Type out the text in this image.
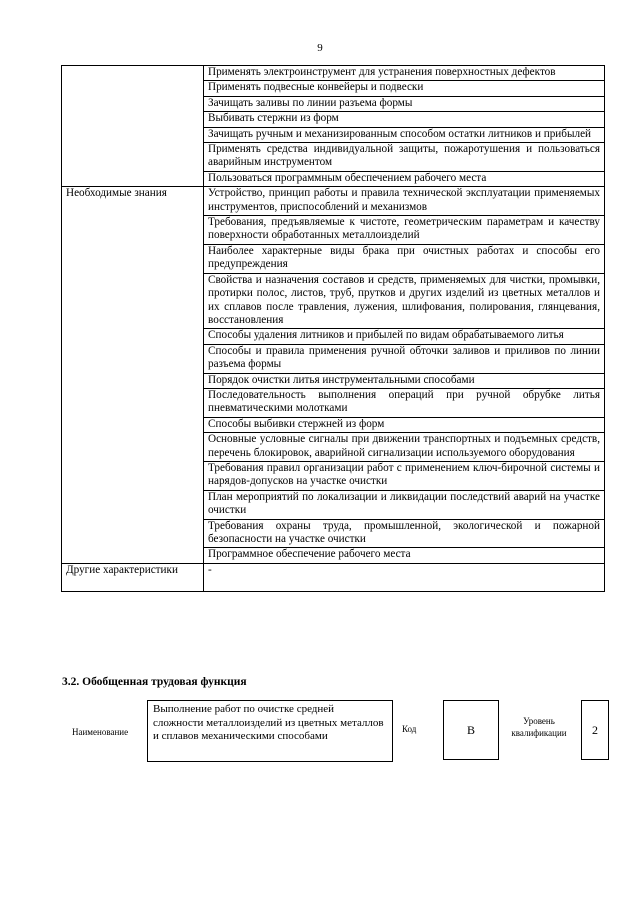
9
	Применять электроинструмент для устранения поверхностных дефектов
	Применять подвесные конвейеры и подвески
	Зачищать заливы по линии разъема формы
	Выбивать стержни из форм
	Зачищать ручным и механизированным способом остатки литников и прибылей
	Применять средства индивидуальной защиты, пожаротушения и пользоваться аварийным инструментом
	Пользоваться программным обеспечением рабочего места
Необходимые знания	Устройство, принцип работы и правила технической эксплуатации применяемых инструментов, приспособлений и механизмов
	Требования, предъявляемые к чистоте, геометрическим параметрам и качеству поверхности обработанных металлоизделий
	Наиболее характерные виды брака при очистных работах и способы его предупреждения
	Свойства и назначения составов и средств, применяемых для чистки, промывки, протирки полос, листов, труб, прутков и других изделий из цветных металлов и их сплавов после травления, лужения, шлифования, полирования, глянцевания, восстановления
	Способы удаления литников и прибылей по видам обрабатываемого литья
	Способы и правила применения ручной обточки заливов и приливов по линии разъема формы
	Порядок очистки литья инструментальными способами
	Последовательность выполнения операций при ручной обрубке литья пневматическими молотками
	Способы выбивки стержней из форм
	Основные условные сигналы при движении транспортных и подъемных средств, перечень блокировок, аварийной сигнализации используемого оборудования
	Требования правил организации работ с применением ключ-бирочной системы и нарядов-допусков на участке очистки
	План мероприятий по локализации и ликвидации последствий аварий на участке очистки
	Требования охраны труда, промышленной, экологической и пожарной безопасности на участке очистки
	Программное обеспечение рабочего места
Другие характеристики	-
3.2. Обобщенная трудовая функция
Наименование
Выполнение работ по очистке средней сложности металлоизделий из цветных металлов и сплавов механическими способами
Код	B
Уровень квалификации	2
